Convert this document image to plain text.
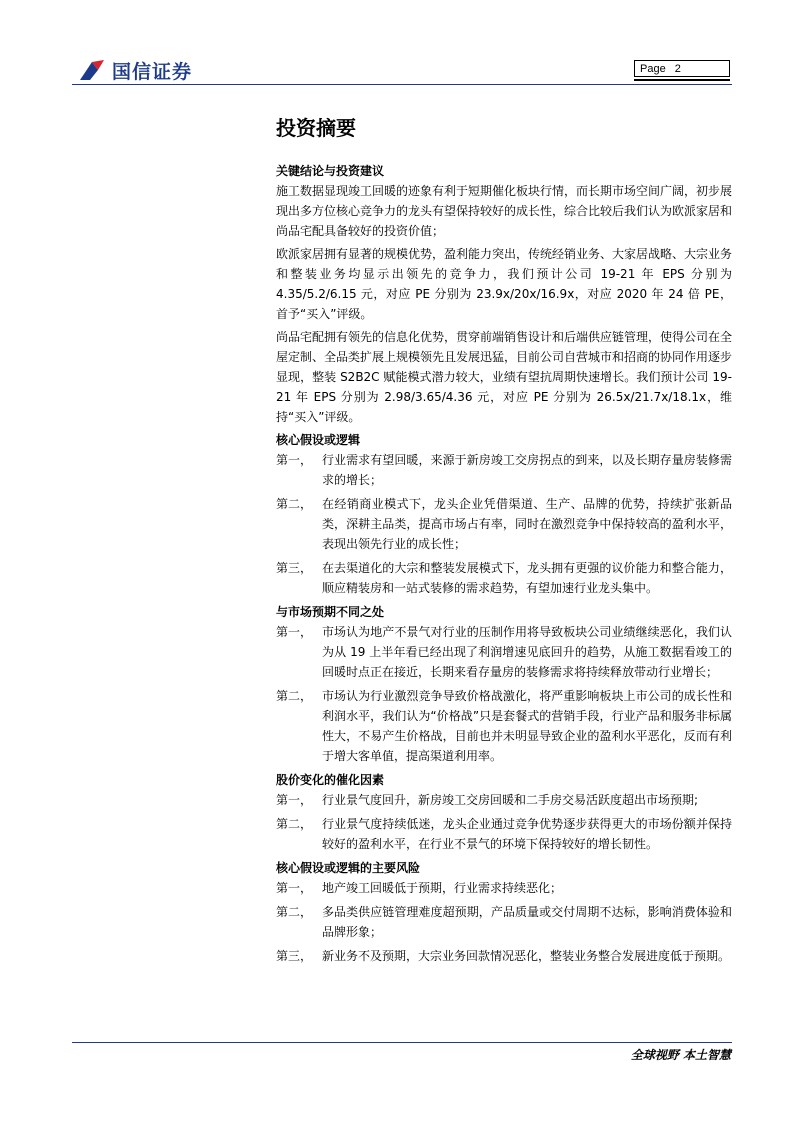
国信证券	Page 2
投资摘要
关键结论与投资建议

施工数据显现竣工回暖的迹象有利于短期催化板块行情，而长期市场空间广阔，初步展现出多方位核心竞争力的龙头有望保持较好的成长性，综合比较后我们认为欧派家居和尚品宅配具备较好的投资价值；

欧派家居拥有显著的规模优势，盈利能力突出，传统经销业务、大家居战略、大宗业务和整装业务均显示出领先的竞争力，我们预计公司 19-21 年 EPS 分别为 4.35/5.2/6.15 元，对应 PE 分别为 23.9x/20x/16.9x，对应 2020 年 24 倍 PE，首予“买入”评级。

尚品宅配拥有领先的信息化优势，贯穿前端销售设计和后端供应链管理，使得公司在全屋定制、全品类扩展上规模领先且发展迅猛，目前公司自营城市和招商的协同作用逐步显现，整装 S2B2C 赋能模式潜力较大，业绩有望抗周期快速增长。我们预计公司 19-21 年 EPS 分别为 2.98/3.65/4.36 元，对应 PE 分别为 26.5x/21.7x/18.1x，维持“买入”评级。

核心假设或逻辑
第一， 行业需求有望回暖，来源于新房竣工交房拐点的到来，以及长期存量房装修需求的增长；
第二， 在经销商业模式下，龙头企业凭借渠道、生产、品牌的优势，持续扩张新品类，深耕主品类，提高市场占有率，同时在激烈竞争中保持较高的盈利水平，表现出领先行业的成长性；
第三， 在去渠道化的大宗和整装发展模式下，龙头拥有更强的议价能力和整合能力，顺应精装房和一站式装修的需求趋势，有望加速行业龙头集中。
与市场预期不同之处
第一， 市场认为地产不景气对行业的压制作用将导致板块公司业绩继续恶化，我们认为从 19 上半年看已经出现了利润增速见底回升的趋势，从施工数据看竣工的回暖时点正在接近，长期来看存量房的装修需求将持续释放带动行业增长；
第二， 市场认为行业激烈竞争导致价格战激化，将严重影响板块上市公司的成长性和利润水平，我们认为“价格战”只是套餐式的营销手段，行业产品和服务非标属性大，不易产生价格战，目前也并未明显导致企业的盈利水平恶化，反而有利于增大客单值，提高渠道利用率。
股价变化的催化因素
第一， 行业景气度回升，新房竣工交房回暖和二手房交易活跃度超出市场预期;
第二， 行业景气度持续低迷，龙头企业通过竞争优势逐步获得更大的市场份额并保持较好的盈利水平，在行业不景气的环境下保持较好的增长韧性。
核心假设或逻辑的主要风险
第一， 地产竣工回暖低于预期，行业需求持续恶化；
第二， 多品类供应链管理难度超预期，产品质量或交付周期不达标，影响消费体验和品牌形象；
第三， 新业务不及预期，大宗业务回款情况恶化，整装业务整合发展进度低于预期。
全球视野 本土智慧
